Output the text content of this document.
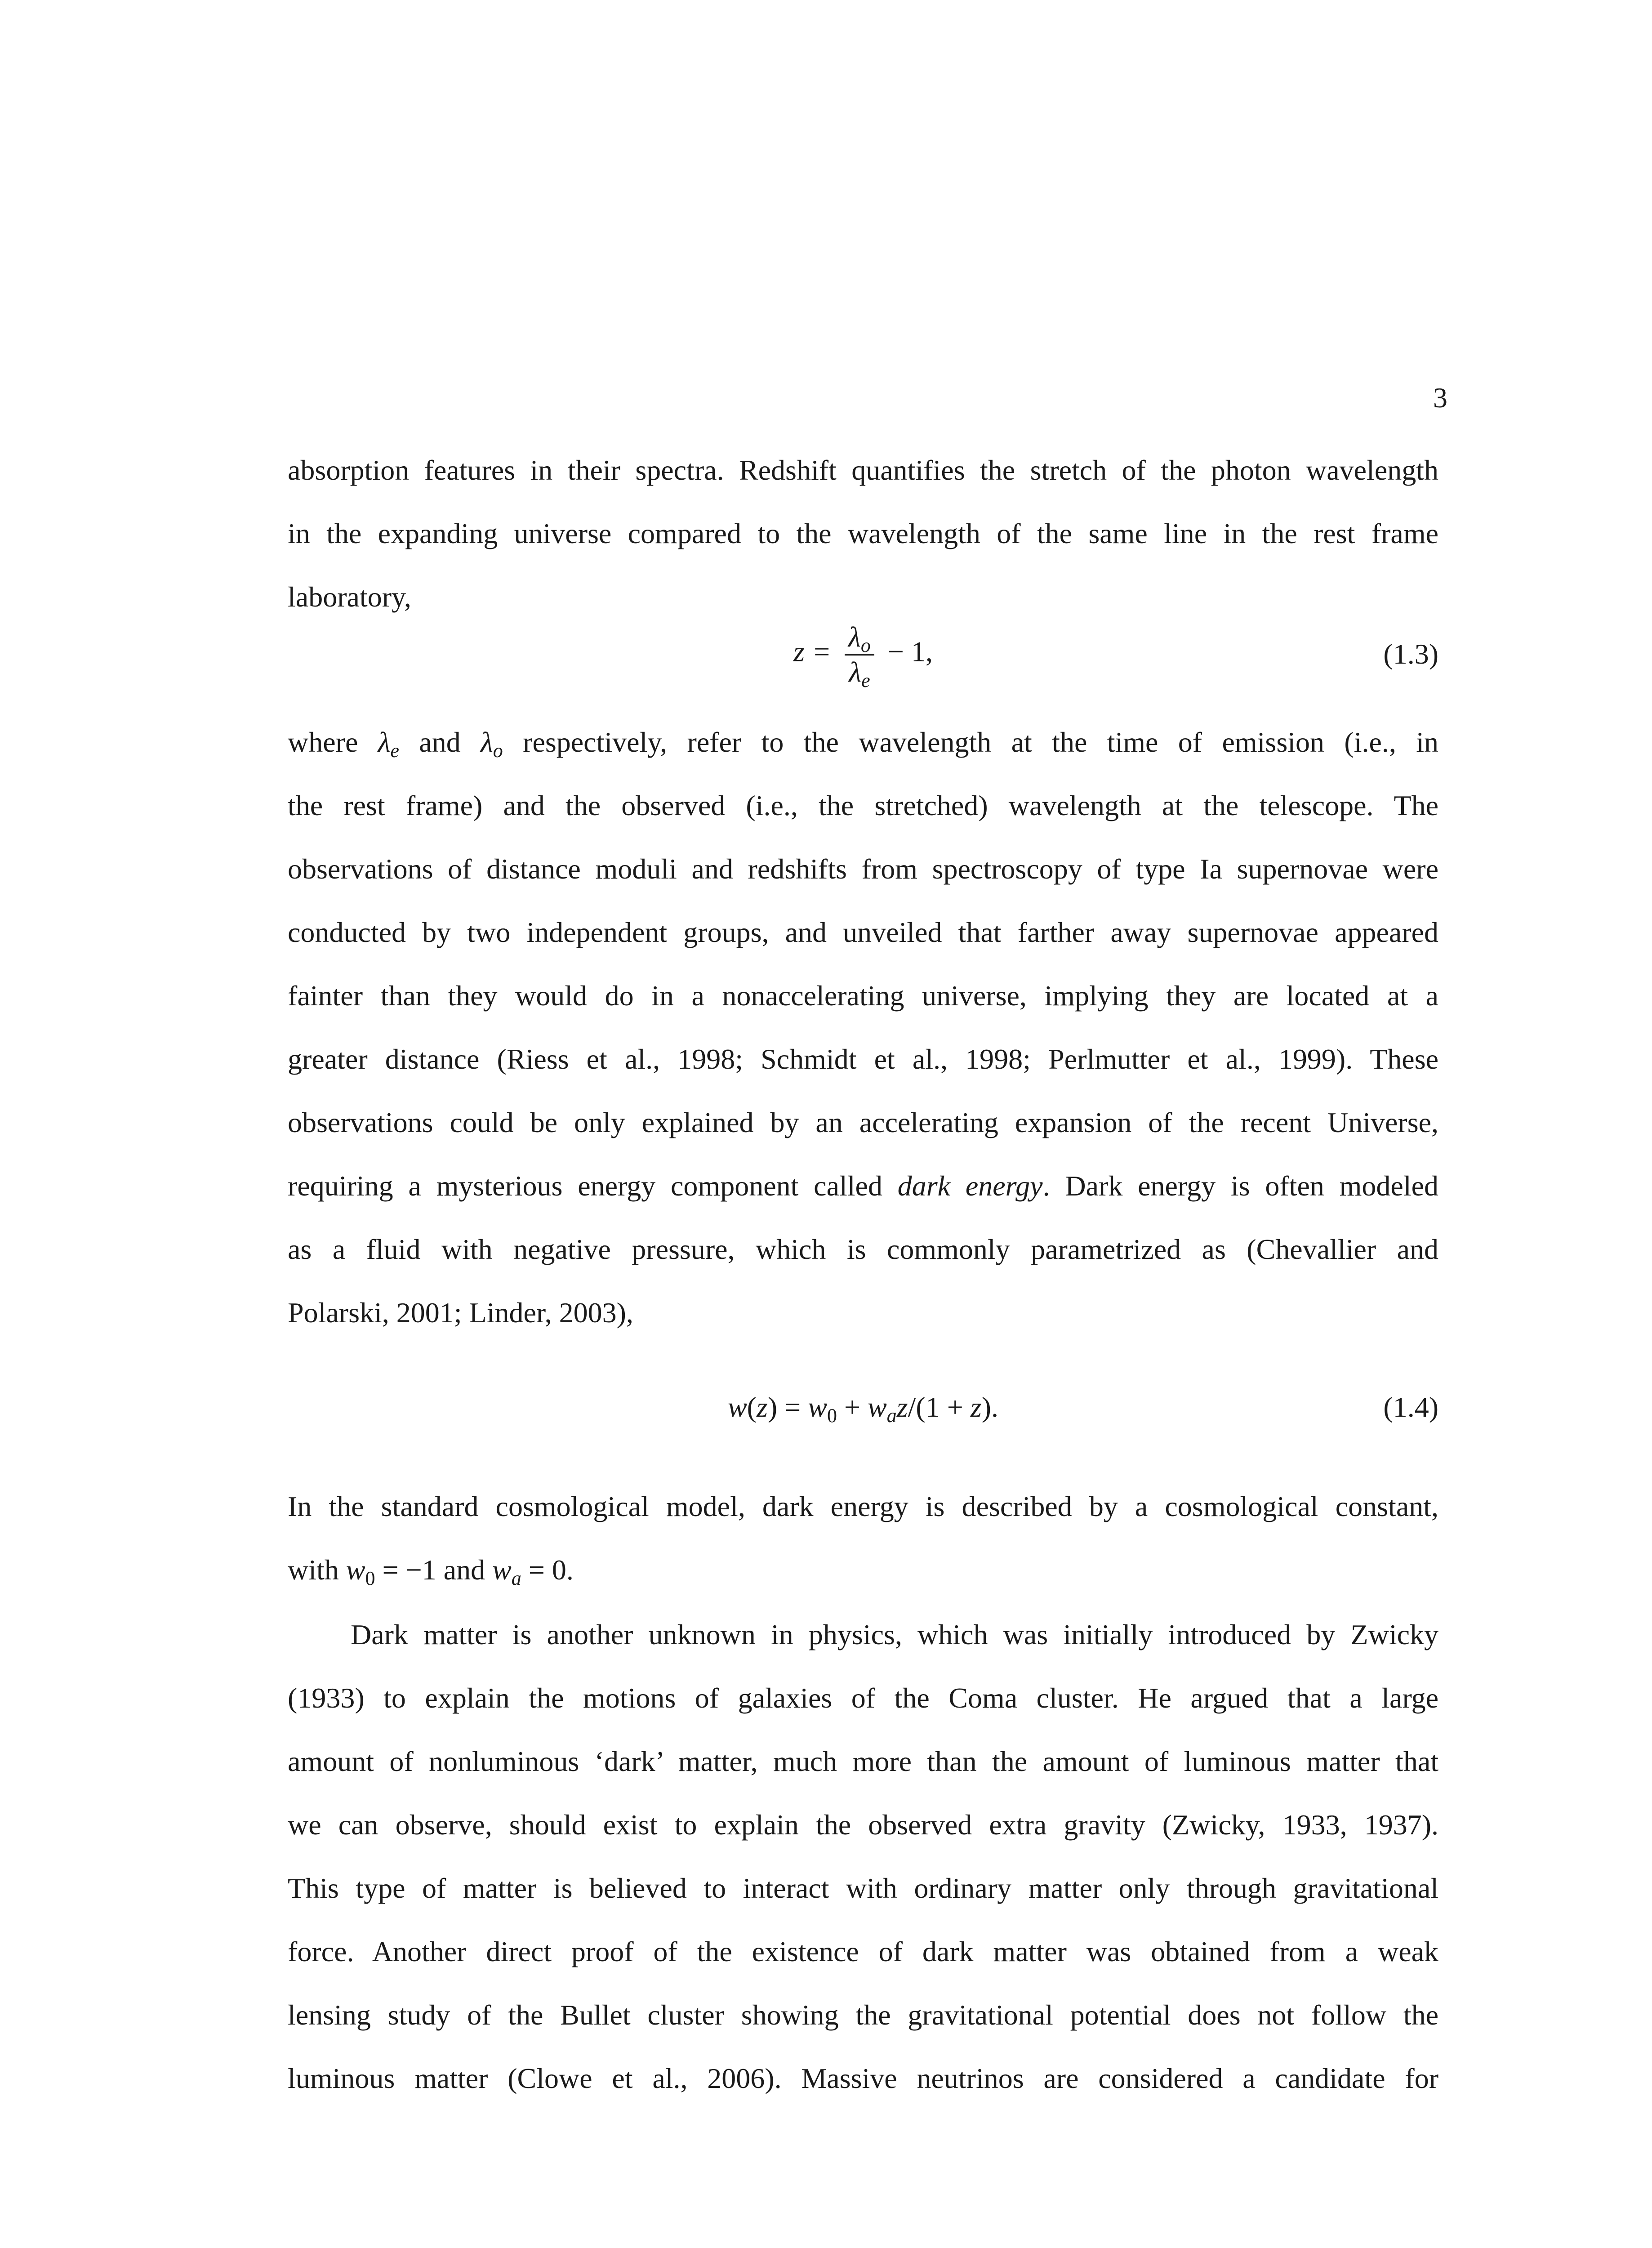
3
absorption features in their spectra. Redshift quantifies the stretch of the photon wavelength
in the expanding universe compared to the wavelength of the same line in the rest frame
laboratory,
$z = \frac{\lambda_o}{\lambda_e} - 1$,	(1.3)
where $\lambda_e$ and $\lambda_o$ respectively, refer to the wavelength at the time of emission (i.e., in
the rest frame) and the observed (i.e., the stretched) wavelength at the telescope. The
observations of distance moduli and redshifts from spectroscopy of type Ia supernovae were
conducted by two independent groups, and unveiled that farther away supernovae appeared
fainter than they would do in a nonaccelerating universe, implying they are located at a
greater distance (Riess et al., 1998; Schmidt et al., 1998; Perlmutter et al., 1999). These
observations could be only explained by an accelerating expansion of the recent Universe,
requiring a mysterious energy component called dark energy. Dark energy is often modeled
as a fluid with negative pressure, which is commonly parametrized as (Chevallier and
Polarski, 2001; Linder, 2003),
$w(z) = w_0 + w_az/(1 + z)$.	(1.4)
In the standard cosmological model, dark energy is described by a cosmological constant,
with $w_0 = -1$ and $w_a = 0$.
Dark matter is another unknown in physics, which was initially introduced by Zwicky
(1933) to explain the motions of galaxies of the Coma cluster. He argued that a large
amount of nonluminous ‘dark’ matter, much more than the amount of luminous matter that
we can observe, should exist to explain the observed extra gravity (Zwicky, 1933, 1937).
This type of matter is believed to interact with ordinary matter only through gravitational
force. Another direct proof of the existence of dark matter was obtained from a weak
lensing study of the Bullet cluster showing the gravitational potential does not follow the
luminous matter (Clowe et al., 2006). Massive neutrinos are considered a candidate for
